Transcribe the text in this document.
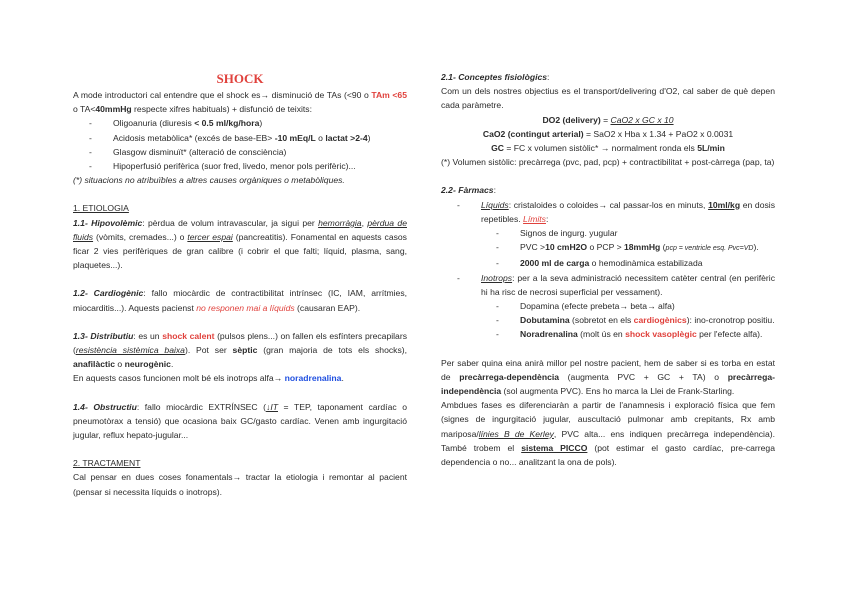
SHOCK

A mode introductori cal entendre que el shock es→ disminució de TAs (<90 o TAm <65 o TA<40mmHg respecte xifres habituals) + disfunció de teixits:

-	Oligoanuria (diuresis < 0.5 ml/kg/hora)
-	Acidosis metabòlica* (excés de base-EB> -10 mEq/L o lactat >2-4)
-	Glasgow disminuït* (alteració de consciència)
-	Hipoperfusió perifèrica (suor fred, livedo, menor pols perifèric)...

(*) situacions no atribuïbles a altres causes orgàniques o metabòliques.

1. ETIOLOGIA

1.1- Hipovolèmic: pèrdua de volum intravascular, ja sigui per hemorràgia, pèrdua de fluids (vòmits, cremades...) o tercer espai (pancreatitis). Fonamental en aquests casos ficar 2 vies perifèriques de gran calibre (i cobrir el que falti; líquid, plasma, sang, plaquetes...).

1.2- Cardiogènic: fallo miocàrdic de contractibilitat intrínsec (IC, IAM, arrítmies, miocarditis...). Aquests pacienst no responen mai a líquids (causaran EAP).

1.3- Distributiu: es un shock calent (pulsos plens...) on fallen els esfínters precapilars (resistència sistèmica baixa). Pot ser sèptic (gran majoria de tots els shocks), anafilàctic o neurogènic.

En aquests casos funcionen molt bé els inotrops alfa→ noradrenalina.

1.4- Obstructiu: fallo miocàrdic EXTRÍNSEC (↓IT = TEP, taponament cardíac o pneumotòrax a tensió) que ocasiona baix GC/gasto cardíac. Venen amb ingurgitació jugular, reflux hepato-jugular...

2. TRACTAMENT

Cal pensar en dues coses fonamentals→ tractar la etiologia i remontar al pacient (pensar si necessita líquids o inotrops).

2.1- Conceptes fisiològics:

Com un dels nostres objectius es el transport/delivering d'O2, cal saber de què depen cada paràmetre.

DO2 (delivery) = CaO2 x GC x 10

CaO2 (contingut arterial) = SaO2 x Hba x 1.34 + PaO2 x 0.0031

GC = FC x volumen sistòlic* → normalment ronda els 5L/min

(*) Volumen sistòlic: precàrrega (pvc, pad, pcp) + contractibilitat + post-càrrega (pap, ta)

2.2- Fàrmacs:

-	Líquids: cristaloides o coloides→ cal passar-los en minuts, 10ml/kg en dosis repetibles. Límits:
-	Signos de ingurg. yugular
-	PVC >10 cmH2O o PCP > 18mmHg (pcp = ventricle esq. Pvc=VD).
-	2000 ml de carga o hemodinàmica estabilizada
-	Inotrops: per a la seva administració necessitem catèter central (en perifèric hi ha risc de necrosi superficial per vessament).
-	Dopamina (efecte prebeta→ beta→ alfa)
-	Dobutamina (sobretot en els cardiogènics): ino-cronotrop positiu.
-	Noradrenalina (molt ús en shock vasoplègic per l'efecte alfa).

Per saber quina eina anirà millor pel nostre pacient, hem de saber si es torba en estat de precàrrega-dependència (augmenta PVC + GC + TA) o precàrrega-independència (sol augmenta PVC). Ens ho marca la Llei de Frank-Starling.

Ambdues fases es diferenciaràn a partir de l'anamnesis i exploració física que fem (signes de ingurgitació jugular, auscultació pulmonar amb crepitants, Rx amb mariposa/línies B de Kerley, PVC alta... ens indiquen precàrrega independència). També trobem el sistema PICCO (pot estimar el gasto cardíac, pre-carrega dependencia o no... analitzant la ona de pols).
